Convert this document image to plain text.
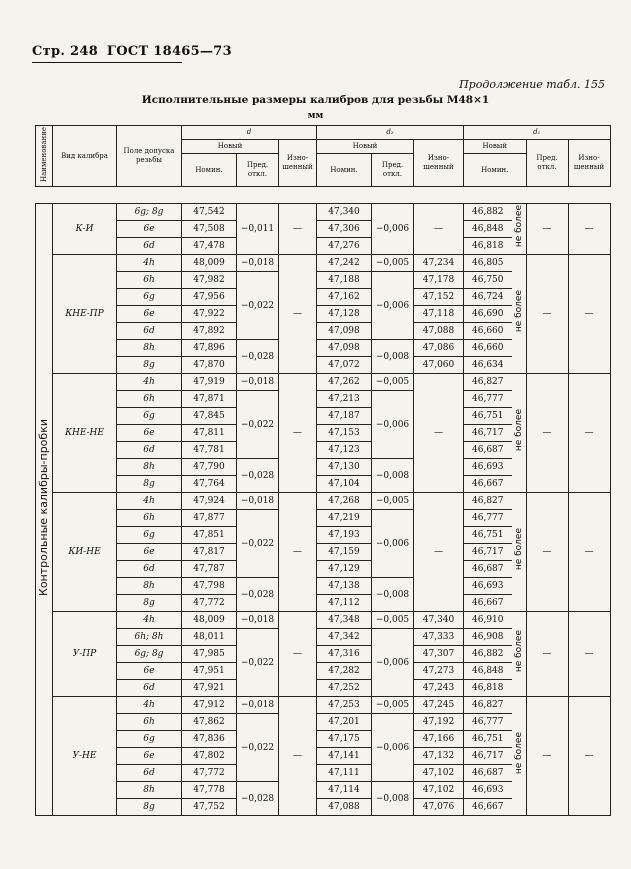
Стр. 248 ГОСТ 18465—73
Продолжение табл. 155
Исполнительные размеры калибров для резьбы М48×1
мм
Наименование	Вид калибра	Поле допуска резьбы	d			d₂			d₁			
			Новый		Изно-шенный	Новый		Изно-шенный	Новый		Пред. откл.	Изно-шенный
			Номин.	Пред. откл.		Номин.	Пред. откл.		Номин.			

Контрольные калибры-пробки	К-И	6g; 8g	47,542	−0,011	—	47,340	−0,006	—	46,882	не более	—	—
		6e	47,508			47,306			46,848			
		6d	47,478			47,276			46,818			
	КНЕ-ПР	4h	48,009	−0,018	—	47,242	−0,005	47,234	46,805	не более	—	—
		6h	47,982	−0,022		47,188	−0,006	47,178	46,750			
		6g	47,956			47,162		47,152	46,724			
		6e	47,922			47,128		47,118	46,690			
		6d	47,892			47,098		47,088	46,660			
		8h	47,896	−0,028		47,098	−0,008	47,086	46,660			
		8g	47,870			47,072		47,060	46,634			
	КНЕ-НЕ	4h	47,919	−0,018	—	47,262	−0,005	—	46,827	не более	—	—
		6h	47,871	−0,022		47,213	−0,006		46,777			
		6g	47,845			47,187			46,751			
		6e	47,811			47,153			46,717			
		6d	47,781			47,123			46,687			
		8h	47,790	−0,028		47,130	−0,008		46,693			
		8g	47,764			47,104			46,667			
	КИ-НЕ	4h	47,924	−0,018	—	47,268	−0,005	—	46,827	не более	—	—
		6h	47,877	−0,022		47,219	−0,006		46,777			
		6g	47,851			47,193			46,751			
		6e	47,817			47,159			46,717			
		6d	47,787			47,129			46,687			
		8h	47,798	−0,028		47,138	−0,008		46,693			
		8g	47,772			47,112			46,667			
	У-ПР	4h	48,009	−0,018	—	47,348	−0,005	47,340	46,910	не более	—	—
		6h; 8h	48,011	−0,022		47,342	−0,006	47,333	46,908			
		6g; 8g	47,985			47,316		47,307	46,882			
		6e	47,951			47,282		47,273	46,848			
		6d	47,921			47,252		47,243	46,818			
	У-НЕ	4h	47,912	−0,018	—	47,253	−0,005	47,245	46,827	не более	—	—
		6h	47,862	−0,022		47,201	−0,006	47,192	46,777			
		6g	47,836			47,175		47,166	46,751			
		6e	47,802			47,141		47,132	46,717			
		6d	47,772			47,111		47,102	46,687			
		8h	47,778	−0,028		47,114	−0,008	47,102	46,693			
		8g	47,752			47,088		47,076	46,667			
